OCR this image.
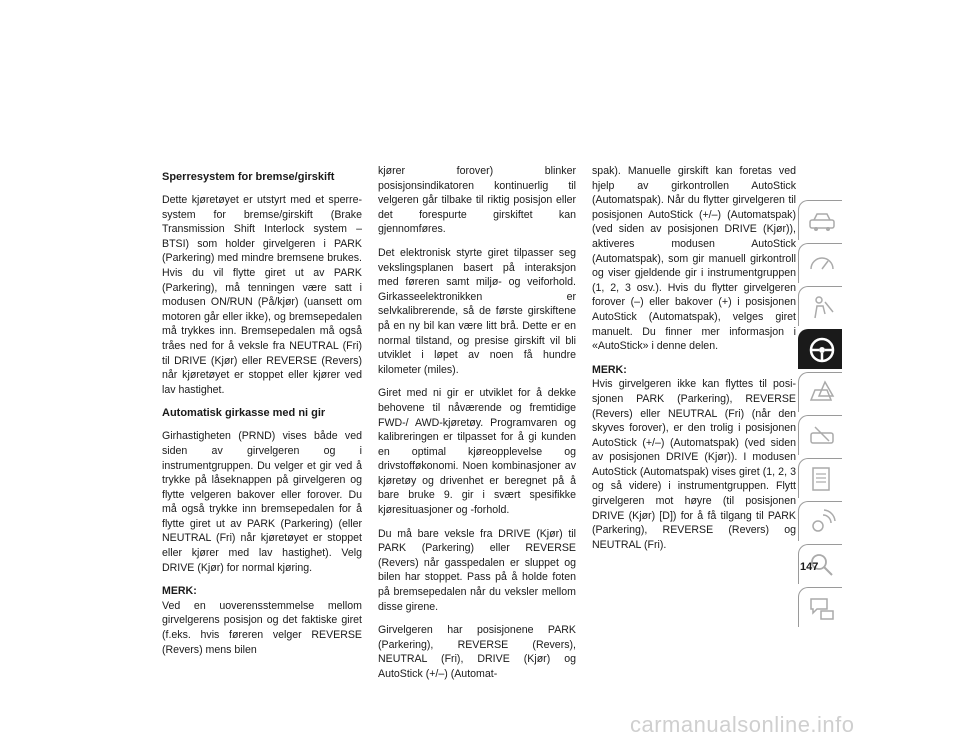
Sperresystem for bremse/girskift

Dette kjøretøyet er utstyrt med et sperresystem for bremse/girskift (Brake Transmission Shift Interlock system – BTSI) som holder girvelgeren i PARK (Parkering) med mindre bremsene brukes. Hvis du vil flytte giret ut av PARK (Parkering), må tenningen være satt i modusen ON/RUN (På/kjør) (uansett om motoren går eller ikke), og bremsepedalen må trykkes inn. Bremsepedalen må også tråes ned for å veksle fra NEUTRAL (Fri) til DRIVE (Kjør) eller REVERSE (Revers) når kjøretøyet er stoppet eller kjører ved lav hastighet.

Automatisk girkasse med ni gir

Girhastigheten (PRND) vises både ved siden av girvelgeren og i instrumentgruppen. Du velger et gir ved å trykke på låseknappen på girvelgeren og flytte velgeren bakover eller forover. Du må også trykke inn bremsepedalen for å flytte giret ut av PARK (Parkering) (eller NEUTRAL (Fri) når kjøretøyet er stoppet eller kjører med lav hastighet). Velg DRIVE (Kjør) for normal kjøring.

MERK:

Ved en uoverensstemmelse mellom girvelgerens posisjon og det faktiske giret (f.eks. hvis føreren velger REVERSE (Revers) mens bilen

kjører forover) blinker posisjonsindikatoren kontinuerlig til velgeren går tilbake til riktig posisjon eller det forespurte girskiftet kan gjennomføres.

Det elektronisk styrte giret tilpasser seg vekslingsplanen basert på interaksjon med føreren samt miljø- og veiforhold. Girkasseelektronikken er selvkalibrerende, så de første girskiftene på en ny bil kan være litt brå. Dette er en normal tilstand, og presise girskift vil bli utviklet i løpet av noen få hundre kilometer (miles).

Giret med ni gir er utviklet for å dekke behovene til nåværende og fremtidige FWD-/ AWD-kjøretøy. Programvaren og kalibreringen er tilpasset for å gi kunden en optimal kjøreopplevelse og drivstofføkonomi. Noen kombinasjoner av kjøretøy og drivenhet er beregnet på å bare bruke 9. gir i svært spesifikke kjøresituasjoner og -forhold.

Du må bare veksle fra DRIVE (Kjør) til PARK (Parkering) eller REVERSE (Revers) når gasspedalen er sluppet og bilen har stoppet. Pass på å holde foten på bremsepedalen når du veksler mellom disse girene.

Girvelgeren har posisjonene PARK (Parkering), REVERSE (Revers), NEUTRAL (Fri), DRIVE (Kjør) og AutoStick (+/–) (Automat-

spak). Manuelle girskift kan foretas ved hjelp av girkontrollen AutoStick (Automatspak). Når du flytter girvelgeren til posisjonen AutoStick (+/–) (Automatspak) (ved siden av posisjonen DRIVE (Kjør)), aktiveres modusen AutoStick (Automatspak), som gir manuell girkontroll og viser gjeldende gir i instrumentgruppen (1, 2, 3 osv.). Hvis du flytter girvelgeren forover (–) eller bakover (+) i posisjonen AutoStick (Automatspak), velges giret manuelt. Du finner mer informasjon i «AutoStick» i denne delen.

MERK:

Hvis girvelgeren ikke kan flyttes til posisjonen PARK (Parkering), REVERSE (Revers) eller NEUTRAL (Fri) (når den skyves forover), er den trolig i posisjonen AutoStick (+/–) (Automatspak) (ved siden av posisjonen DRIVE (Kjør)). I modusen AutoStick (Automatspak) vises giret (1, 2, 3 og så videre) i instrumentgruppen. Flytt girvelgeren mot høyre (til posisjonen DRIVE (Kjør) [D]) for å få tilgang til PARK (Parkering), REVERSE (Revers) og NEUTRAL (Fri).

147
carmanualsonline.info
